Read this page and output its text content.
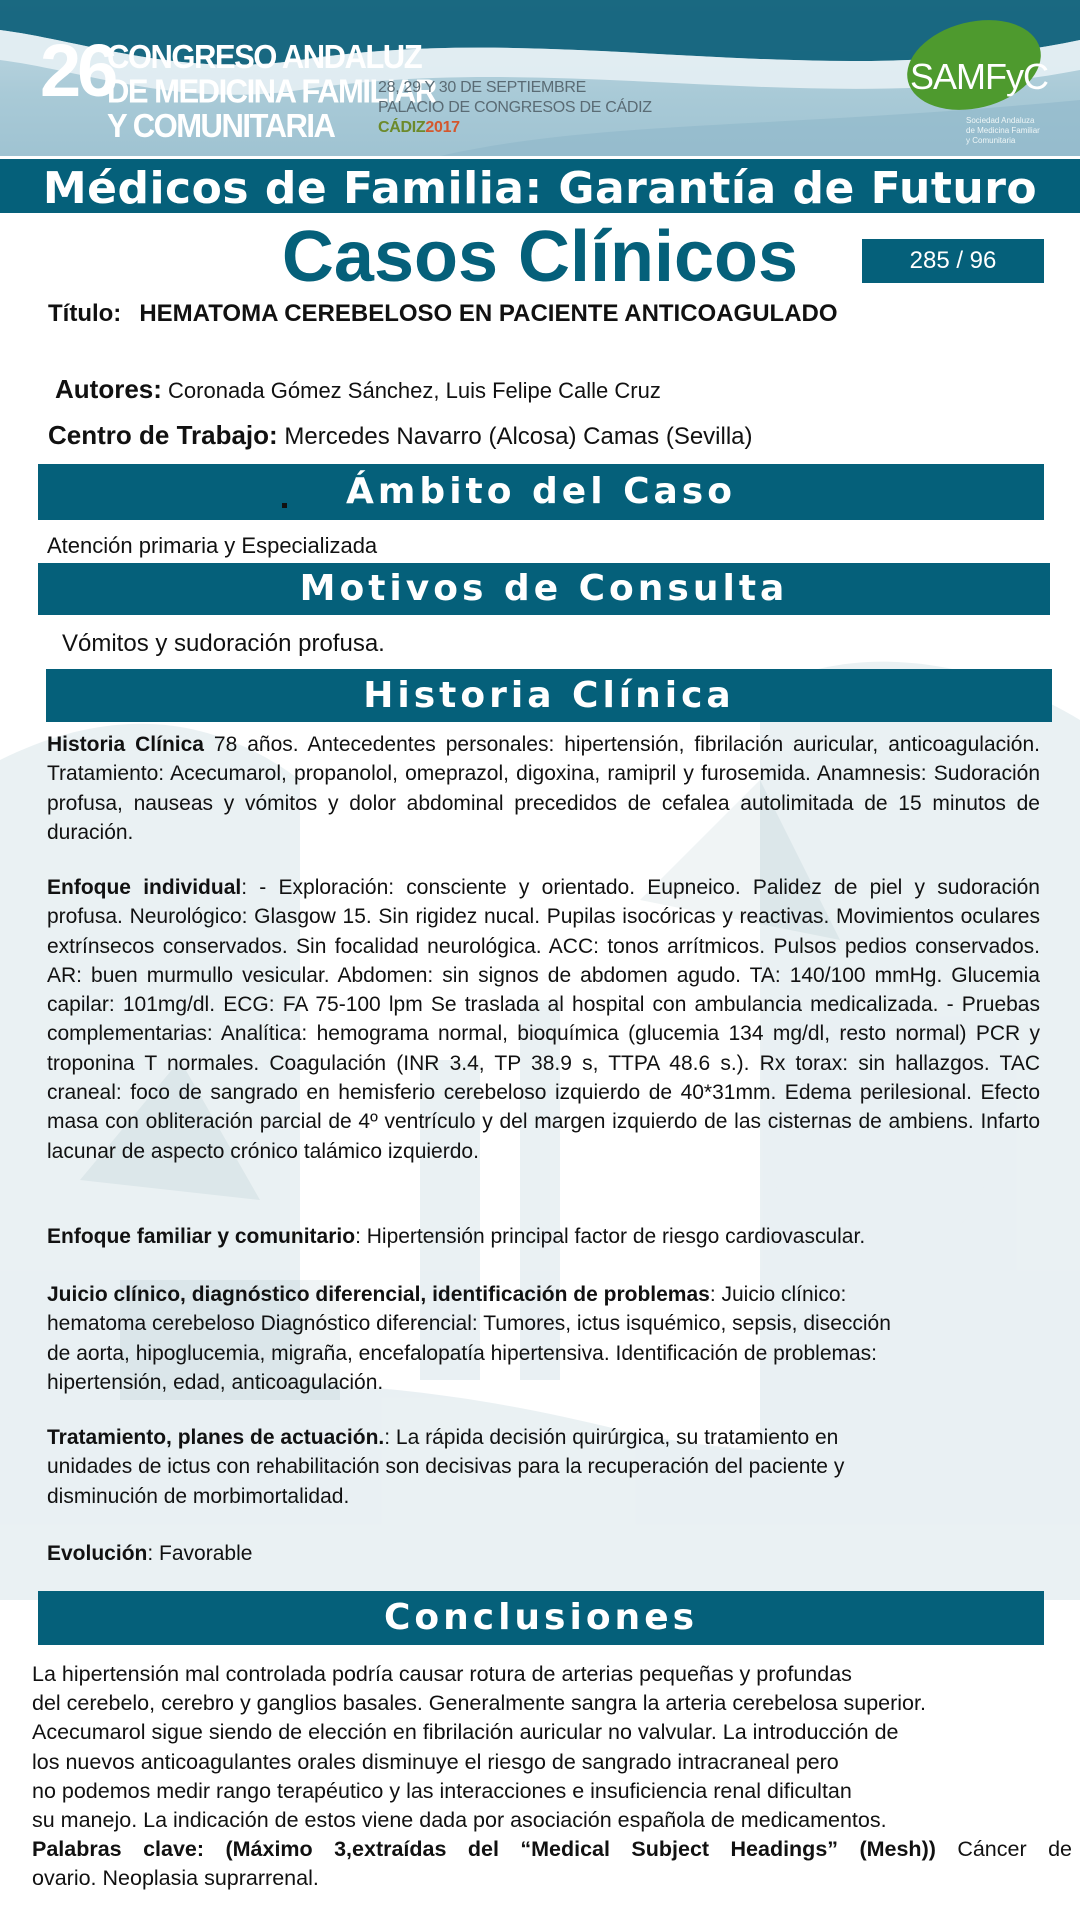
26
CONGRESO ANDALUZ
DE MEDICINA FAMILIAR
Y COMUNITARIA
28, 29 Y 30 DE SEPTIEMBRE
PALACIO DE CONGRESOS DE CÁDIZ
CÁDIZ2017
SAMFyC
Sociedad Andaluza
de Medicina Familiar
y Comunitaria
Médicos de Familia: Garantía de Futuro
Casos Clínicos	285 / 96
Título: HEMATOMA CEREBELOSO EN PACIENTE ANTICOAGULADO
Autores: Coronada Gómez Sánchez, Luis Felipe Calle Cruz
Centro de Trabajo: Mercedes Navarro (Alcosa) Camas (Sevilla)
Ámbito del Caso
Atención primaria y Especializada
Motivos de Consulta
Vómitos y sudoración profusa.
Historia Clínica
Historia Clínica 78 años. Antecedentes personales: hipertensión, fibrilación auricular, anticoagulación. Tratamiento: Acecumarol, propanolol, omeprazol, digoxina, ramipril y furosemida. Anamnesis: Sudoración profusa, nauseas y vómitos y dolor abdominal precedidos de cefalea autolimitada de 15 minutos de duración.
Enfoque individual: - Exploración: consciente y orientado. Eupneico. Palidez de piel y sudoración profusa. Neurológico: Glasgow 15. Sin rigidez nucal. Pupilas isocóricas y reactivas. Movimientos oculares extrínsecos conservados. Sin focalidad neurológica. ACC: tonos arrítmicos. Pulsos pedios conservados. AR: buen murmullo vesicular. Abdomen: sin signos de abdomen agudo. TA: 140/100 mmHg. Glucemia capilar: 101mg/dl. ECG: FA 75-100 lpm Se traslada al hospital con ambulancia medicalizada. - Pruebas complementarias: Analítica: hemograma normal, bioquímica (glucemia 134 mg/dl, resto normal) PCR y troponina T normales. Coagulación (INR 3.4, TP 38.9 s, TTPA 48.6 s.). Rx torax: sin hallazgos. TAC craneal: foco de sangrado en hemisferio cerebeloso izquierdo de 40*31mm. Edema perilesional. Efecto masa con obliteración parcial de 4º ventrículo y del margen izquierdo de las cisternas de ambiens. Infarto lacunar de aspecto crónico talámico izquierdo.
Enfoque familiar y comunitario: Hipertensión principal factor de riesgo cardiovascular.
Juicio clínico, diagnóstico diferencial, identificación de problemas: Juicio clínico:
hematoma cerebeloso Diagnóstico diferencial: Tumores, ictus isquémico, sepsis, disección
de aorta, hipoglucemia, migraña, encefalopatía hipertensiva. Identificación de problemas:
hipertensión, edad, anticoagulación.
Tratamiento, planes de actuación.: La rápida decisión quirúrgica, su tratamiento en
unidades de ictus con rehabilitación son decisivas para la recuperación del paciente y
disminución de morbimortalidad.
Evolución: Favorable
Conclusiones
La hipertensión mal controlada podría causar rotura de arterias pequeñas y profundas
del cerebelo, cerebro y ganglios basales. Generalmente sangra la arteria cerebelosa superior.
Acecumarol sigue siendo de elección en fibrilación auricular no valvular. La introducción de
los nuevos anticoagulantes orales disminuye el riesgo de sangrado intracraneal pero
no podemos medir rango terapéutico y las interacciones e insuficiencia renal dificultan
su manejo. La indicación de estos viene dada por asociación española de medicamentos.
Palabras clave: (Máximo 3,extraídas del “Medical Subject Headings” (Mesh)) Cáncer de
ovario. Neoplasia suprarrenal.
